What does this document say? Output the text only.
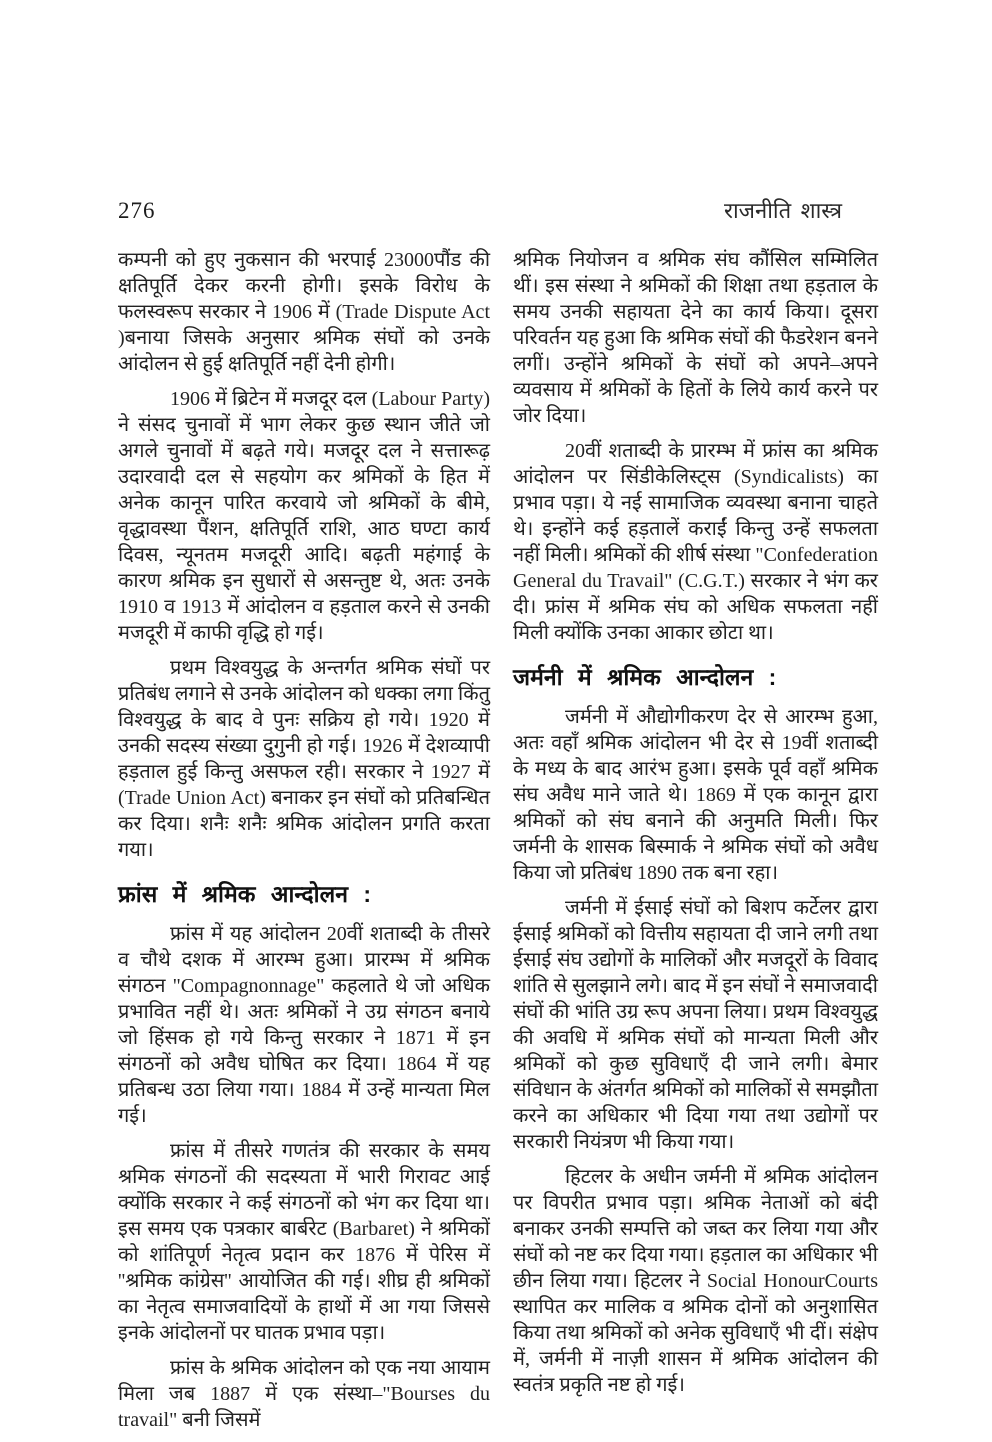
276	राजनीति शास्त्र

कम्पनी को हुए नुकसान की भरपाई 23000पौंड की क्षतिपूर्ति देकर करनी होगी। इसके विरोध के फलस्वरूप सरकार ने 1906 में (Trade Dispute Act )बनाया जिसके अनुसार श्रमिक संघों को उनके आंदोलन से हुई क्षतिपूर्ति नहीं देनी होगी।

1906 में ब्रिटेन में मजदूर दल (Labour Party) ने संसद चुनावों में भाग लेकर कुछ स्थान जीते जो अगले चुनावों में बढ़ते गये। मजदूर दल ने सत्तारूढ़ उदारवादी दल से सहयोग कर श्रमिकों के हित में अनेक कानून पारित करवाये जो श्रमिकों के बीमे, वृद्धावस्था पैंशन, क्षतिपूर्ति राशि, आठ घण्टा कार्य दिवस, न्यूनतम मजदूरी आदि। बढ़ती महंगाई के कारण श्रमिक इन सुधारों से असन्तुष्ट थे, अतः उनके 1910 व 1913 में आंदोलन व हड़ताल करने से उनकी मजदूरी में काफी वृद्धि हो गई।

प्रथम विश्वयुद्ध के अन्तर्गत श्रमिक संघों पर प्रतिबंध लगाने से उनके आंदोलन को धक्का लगा किंतु विश्वयुद्ध के बाद वे पुनः सक्रिय हो गये। 1920 में उनकी सदस्य संख्या दुगुनी हो गई। 1926 में देशव्यापी हड़ताल हुई किन्तु असफल रही। सरकार ने 1927 में (Trade Union Act) बनाकर इन संघों को प्रतिबन्धित कर दिया। शनैः शनैः श्रमिक आंदोलन प्रगति करता गया।

फ्रांस में श्रमिक आन्दोलन :

फ्रांस में यह आंदोलन 20वीं शताब्दी के तीसरे व चौथे दशक में आरम्भ हुआ। प्रारम्भ में श्रमिक संगठन "Compagnonnage" कहलाते थे जो अधिक प्रभावित नहीं थे। अतः श्रमिकों ने उग्र संगठन बनाये जो हिंसक हो गये किन्तु सरकार ने 1871 में इन संगठनों को अवैध घोषित कर दिया। 1864 में यह प्रतिबन्ध उठा लिया गया। 1884 में उन्हें मान्यता मिल गई।

फ्रांस में तीसरे गणतंत्र की सरकार के समय श्रमिक संगठनों की सदस्यता में भारी गिरावट आई क्योंकि सरकार ने कई संगठनों को भंग कर दिया था। इस समय एक पत्रकार बार्बरेट (Barbaret) ने श्रमिकों को शांतिपूर्ण नेतृत्व प्रदान कर 1876 में पेरिस में ''श्रमिक कांग्रेस'' आयोजित की गई। शीघ्र ही श्रमिकों का नेतृत्व समाजवादियों के हाथों में आ गया जिससे इनके आंदोलनों पर घातक प्रभाव पड़ा।

फ्रांस के श्रमिक आंदोलन को एक नया आयाम मिला जब 1887 में एक संस्था–"Bourses du travail" बनी जिसमें

श्रमिक नियोजन व श्रमिक संघ कौंसिल सम्मिलित थीं। इस संस्था ने श्रमिकों की शिक्षा तथा हड़ताल के समय उनकी सहायता देने का कार्य किया। दूसरा परिवर्तन यह हुआ कि श्रमिक संघों की फैडरेशन बनने लगीं। उन्होंने श्रमिकों के संघों को अपने–अपने व्यवसाय में श्रमिकों के हितों के लिये कार्य करने पर जोर दिया।

20वीं शताब्दी के प्रारम्भ में फ्रांस का श्रमिक आंदोलन पर सिंडीकेलिस्ट्स (Syndicalists) का प्रभाव पड़ा। ये नई सामाजिक व्यवस्था बनाना चाहते थे। इन्होंने कई हड़तालें कराईं किन्तु उन्हें सफलता नहीं मिली। श्रमिकों की शीर्ष संस्था "Confederation General du Travail" (C.G.T.) सरकार ने भंग कर दी। फ्रांस में श्रमिक संघ को अधिक सफलता नहीं मिली क्योंकि उनका आकार छोटा था।

जर्मनी में श्रमिक आन्दोलन :

जर्मनी में औद्योगीकरण देर से आरम्भ हुआ, अतः वहाँ श्रमिक आंदोलन भी देर से 19वीं शताब्दी के मध्य के बाद आरंभ हुआ। इसके पूर्व वहाँ श्रमिक संघ अवैध माने जाते थे। 1869 में एक कानून द्वारा श्रमिकों को संघ बनाने की अनुमति मिली। फिर जर्मनी के शासक बिस्मार्क ने श्रमिक संघों को अवैध किया जो प्रतिबंध 1890 तक बना रहा।

जर्मनी में ईसाई संघों को बिशप कर्टेलर द्वारा ईसाई श्रमिकों को वित्तीय सहायता दी जाने लगी तथा ईसाई संघ उद्योगों के मालिकों और मजदूरों के विवाद शांति से सुलझाने लगे। बाद में इन संघों ने समाजवादी संघों की भांति उग्र रूप अपना लिया। प्रथम विश्वयुद्ध की अवधि में श्रमिक संघों को मान्यता मिली और श्रमिकों को कुछ सुविधाएँ दी जाने लगी। बेमार संविधान के अंतर्गत श्रमिकों को मालिकों से समझौता करने का अधिकार भी दिया गया तथा उद्योगों पर सरकारी नियंत्रण भी किया गया।

हिटलर के अधीन जर्मनी में श्रमिक आंदोलन पर विपरीत प्रभाव पड़ा। श्रमिक नेताओं को बंदी बनाकर उनकी सम्पत्ति को जब्त कर लिया गया और संघों को नष्ट कर दिया गया। हड़ताल का अधिकार भी छीन लिया गया। हिटलर ने Social HonourCourts स्थापित कर मालिक व श्रमिक दोनों को अनुशासित किया तथा श्रमिकों को अनेक सुविधाएँ भी दीं। संक्षेप में, जर्मनी में नाज़ी शासन में श्रमिक आंदोलन की स्वतंत्र प्रकृति नष्ट हो गई।
